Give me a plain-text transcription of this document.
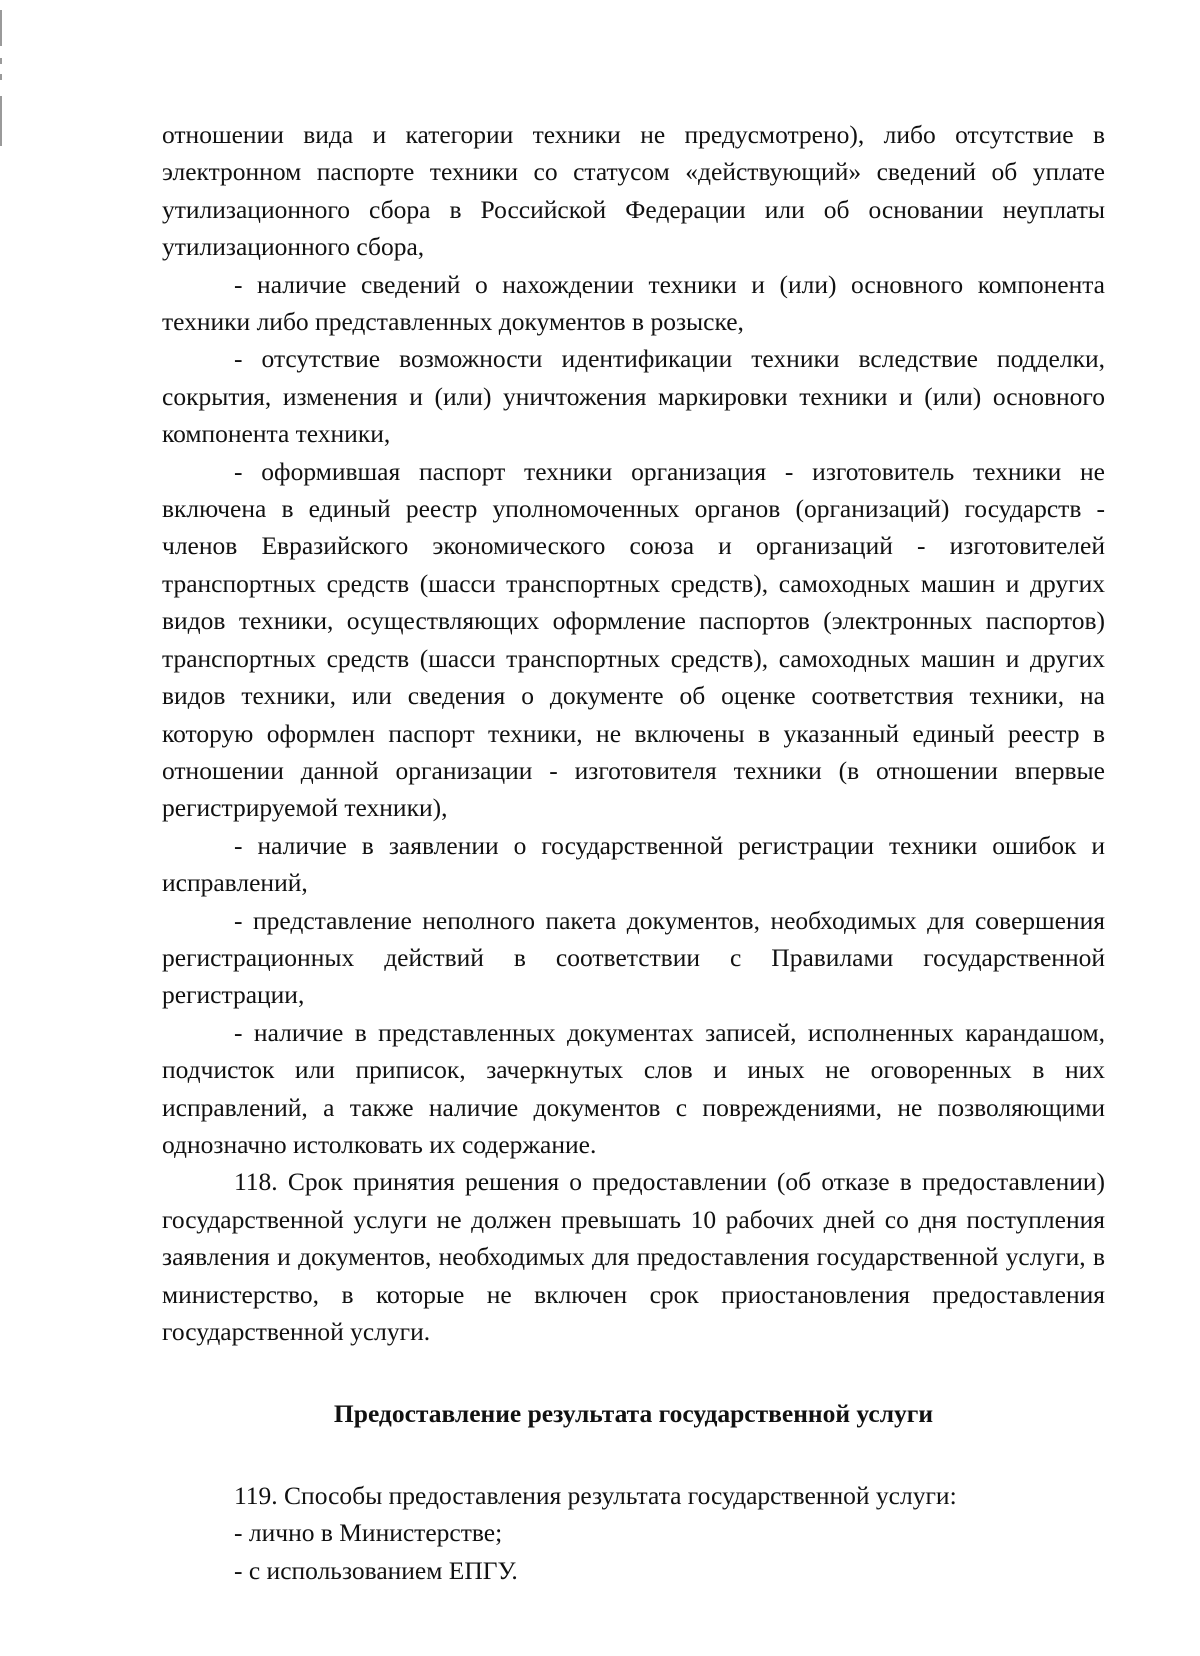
отношении вида и категории техники не предусмотрено), либо отсутствие в электронном паспорте техники со статусом «действующий» сведений об уплате утилизационного сбора в Российской Федерации или об основании неуплаты утилизационного сбора,

- наличие сведений о нахождении техники и (или) основного компонента техники либо представленных документов в розыске,

- отсутствие возможности идентификации техники вследствие подделки, сокрытия, изменения и (или) уничтожения маркировки техники и (или) основного компонента техники,

- оформившая паспорт техники организация - изготовитель техники не включена в единый реестр уполномоченных органов (организаций) государств - членов Евразийского экономического союза и организаций - изготовителей транспортных средств (шасси транспортных средств), самоходных машин и других видов техники, осуществляющих оформление паспортов (электронных паспортов) транспортных средств (шасси транспортных средств), самоходных машин и других видов техники, или сведения о документе об оценке соответствия техники, на которую оформлен паспорт техники, не включены в указанный единый реестр в отношении данной организации - изготовителя техники (в отношении впервые регистрируемой техники),

- наличие в заявлении о государственной регистрации техники ошибок и исправлений,

- представление неполного пакета документов, необходимых для совершения регистрационных действий в соответствии с Правилами государственной регистрации,

- наличие в представленных документах записей, исполненных карандашом, подчисток или приписок, зачеркнутых слов и иных не оговоренных в них исправлений, а также наличие документов с повреждениями, не позволяющими однозначно истолковать их содержание.

118. Срок принятия решения о предоставлении (об отказе в предоставлении) государственной услуги не должен превышать 10 рабочих дней со дня поступления заявления и документов, необходимых для предоставления государственной услуги, в министерство, в которые не включен срок приостановления предоставления государственной услуги.

Предоставление результата государственной услуги

119. Способы предоставления результата государственной услуги:

- лично в Министерстве;

- с использованием ЕПГУ.
